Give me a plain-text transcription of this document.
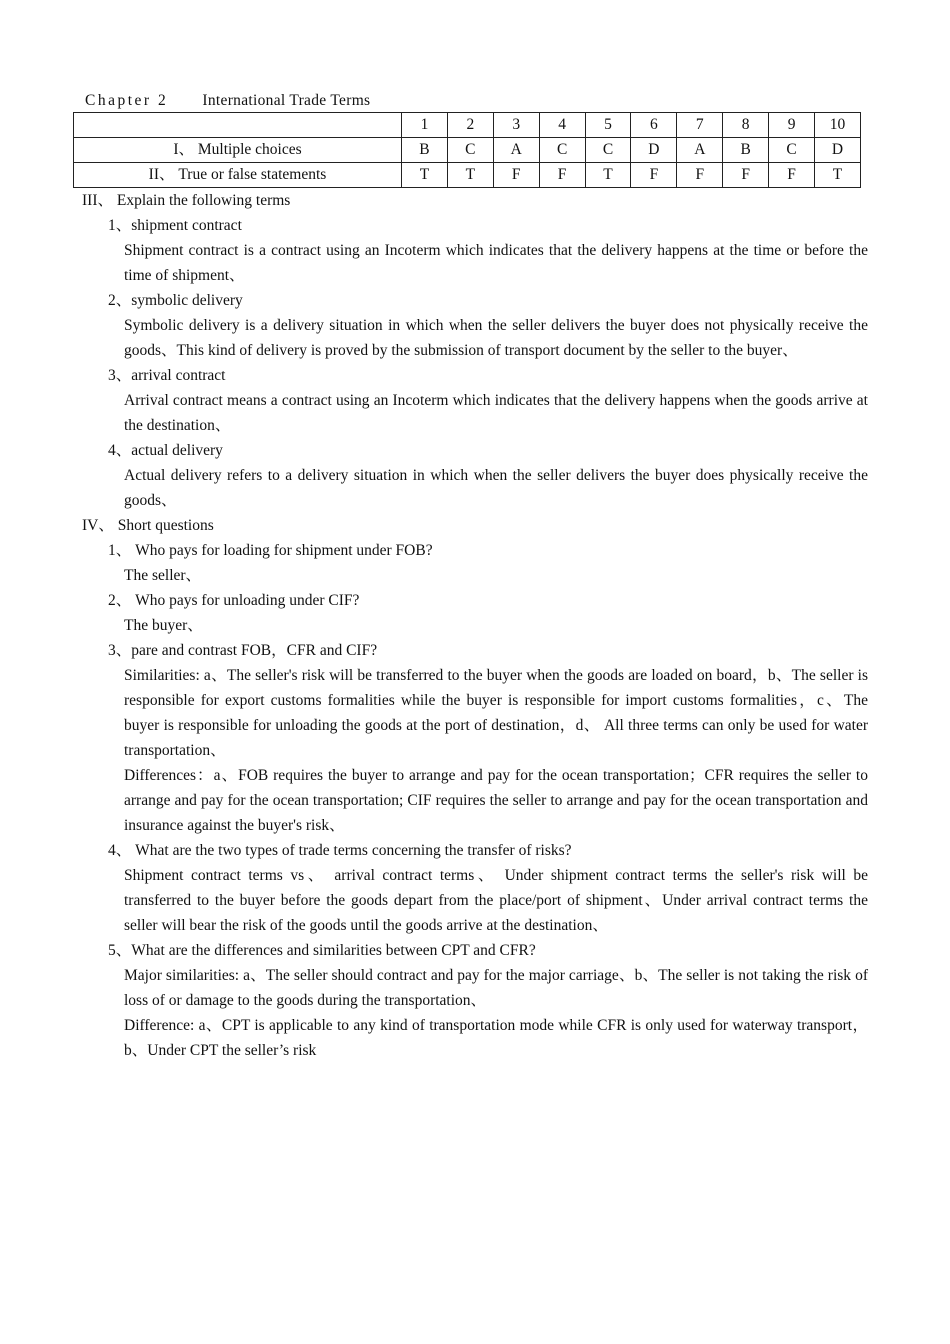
Chapter 2 International Trade Terms
	1	2	3	4	5	6	7	8	9	10
I、 Multiple choices	B	C	A	C	C	D	A	B	C	D
II、 True or false statements	T	T	F	F	T	F	F	F	F	T

III、 Explain the following terms

1、shipment contract

Shipment contract is a contract using an Incoterm which indicates that the delivery happens at the time or before the time of shipment、

2、symbolic delivery

Symbolic delivery is a delivery situation in which when the seller delivers the buyer does not physically receive the goods、This kind of delivery is proved by the submission of transport document by the seller to the buyer、

3、arrival contract

Arrival contract means a contract using an Incoterm which indicates that the delivery happens when the goods arrive at the destination、

4、actual delivery

Actual delivery refers to a delivery situation in which when the seller delivers the buyer does physically receive the goods、

IV、 Short questions

1、 Who pays for loading for shipment under FOB?

The seller、

2、 Who pays for unloading under CIF?

The buyer、

3、pare and contrast FOB，CFR and CIF?

Similarities: a、The seller's risk will be transferred to the buyer when the goods are loaded on board，b、The seller is responsible for export customs formalities while the buyer is responsible for import customs formalities，c、The buyer is responsible for unloading the goods at the port of destination，d、 All three terms can only be used for water transportation、

Differences：a、FOB requires the buyer to arrange and pay for the ocean transportation；CFR requires the seller to arrange and pay for the ocean transportation; CIF requires the seller to arrange and pay for the ocean transportation and insurance against the buyer's risk、

4、 What are the two types of trade terms concerning the transfer of risks?

Shipment contract terms vs、 arrival contract terms、 Under shipment contract terms the seller's risk will be transferred to the buyer before the goods depart from the place/port of shipment、Under arrival contract terms the seller will bear the risk of the goods until the goods arrive at the destination、

5、What are the differences and similarities between CPT and CFR?

Major similarities: a、The seller should contract and pay for the major carriage、b、The seller is not taking the risk of loss of or damage to the goods during the transportation、

Difference: a、CPT is applicable to any kind of transportation mode while CFR is only used for waterway transport，b、Under CPT the seller’s risk
